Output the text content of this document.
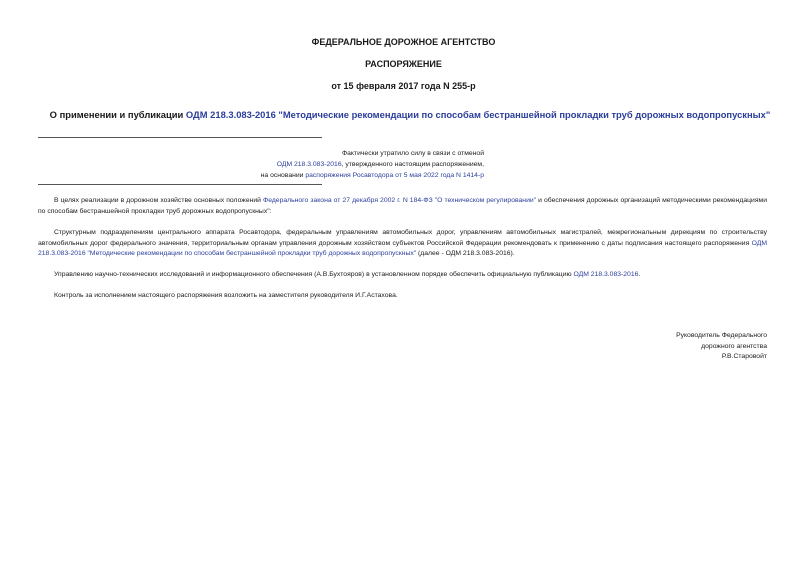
ФЕДЕРАЛЬНОЕ ДОРОЖНОЕ АГЕНТСТВО
РАСПОРЯЖЕНИЕ
от 15 февраля 2017 года N 255-р
О применении и публикации ОДМ 218.3.083-2016 "Методические рекомендации по способам бестраншейной прокладки труб дорожных водопропускных"
Фактически утратило силу в связи с отменой
ОДМ 218.3.083-2016, утвержденного настоящим распоряжением,
на основании распоряжения Росавтодора от 5 мая 2022 года N 1414-р
В целях реализации в дорожном хозяйстве основных положений Федерального закона от 27 декабря 2002 г. N 184-ФЗ "О техническом регулировании" и обеспечения дорожных организаций методическими рекомендациями по способам бестраншейной прокладки труб дорожных водопропускных":
Структурным подразделениям центрального аппарата Росавтодора, федеральным управлениям автомобильных дорог, управлениям автомобильных магистралей, межрегиональным дирекциям по строительству автомобильных дорог федерального значения, территориальным органам управления дорожным хозяйством субъектов Российской Федерации рекомендовать к применению с даты подписания настоящего распоряжения ОДМ 218.3.083-2016 "Методические рекомендации по способам бестраншейной прокладки труб дорожных водопропускных" (далее - ОДМ 218.3.083-2016).
Управлению научно-технических исследований и информационного обеспечения (А.В.Бухтояров) в установленном порядке обеспечить официальную публикацию ОДМ 218.3.083-2016.
Контроль за исполнением настоящего распоряжения возложить на заместителя руководителя И.Г.Астахова.
Руководитель Федерального
дорожного агентства
Р.В.Старовойт
